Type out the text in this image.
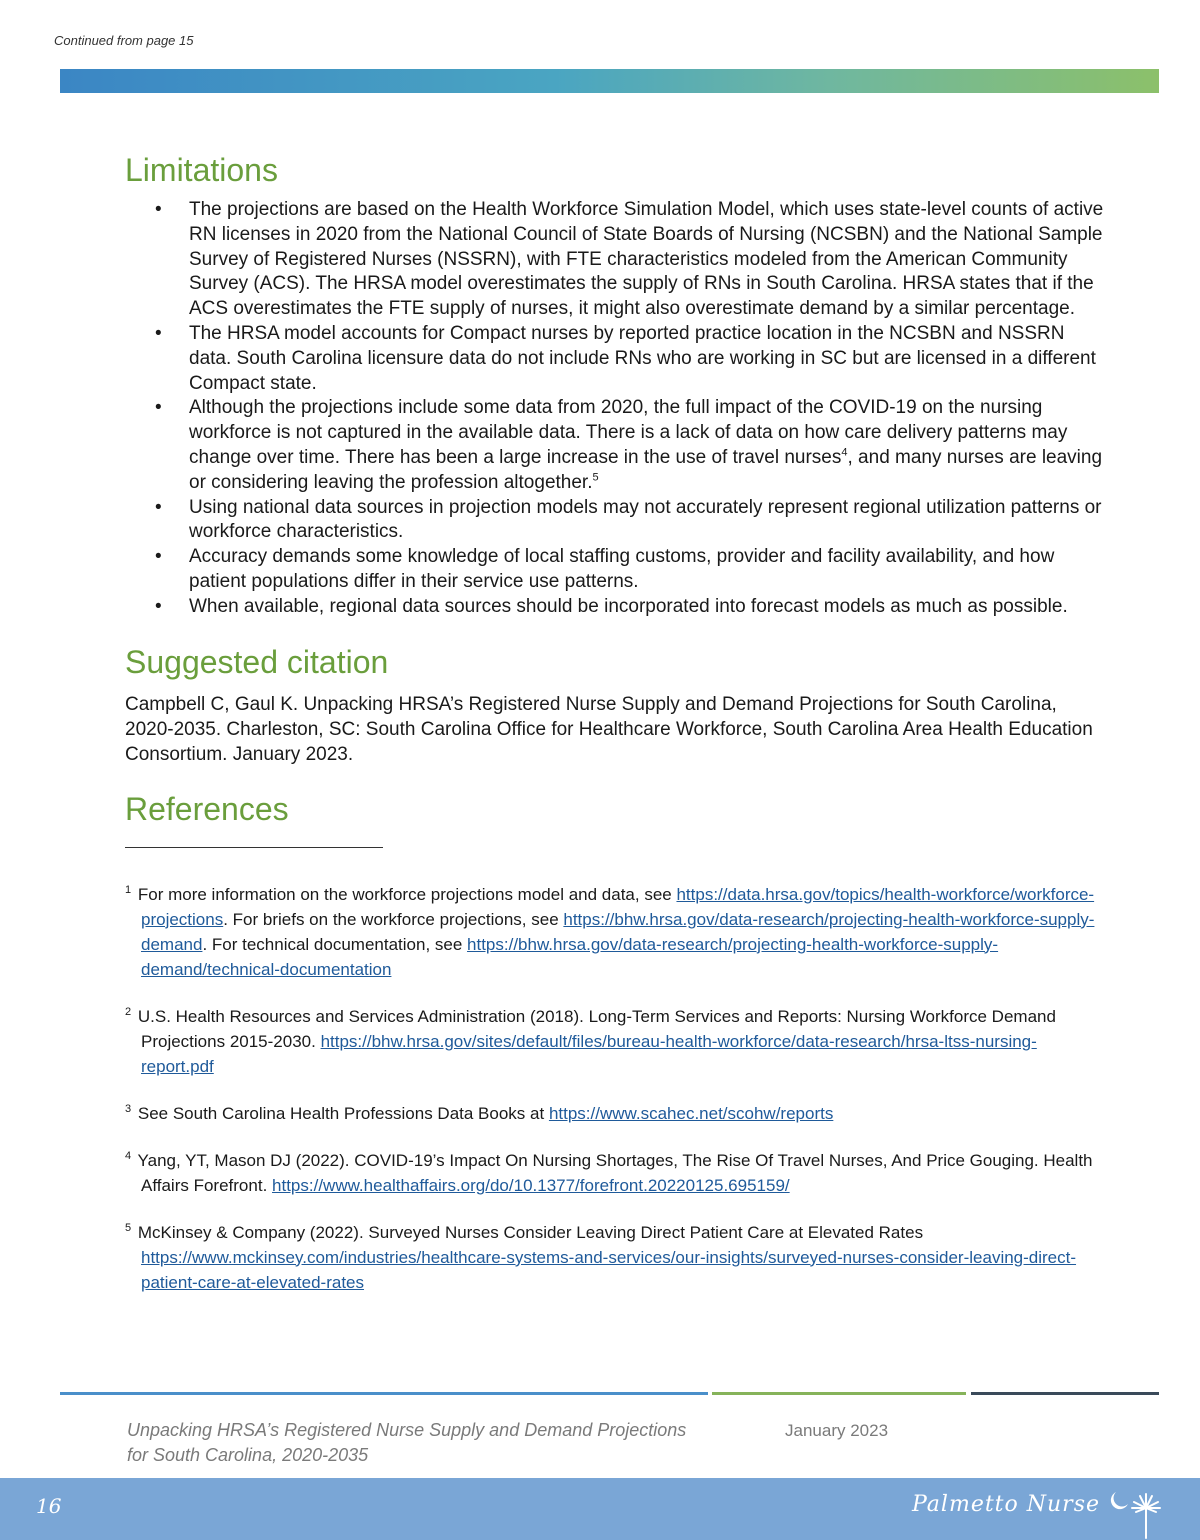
Continued from page 15
Limitations
• The projections are based on the Health Workforce Simulation Model, which uses state-level counts of active RN licenses in 2020 from the National Council of State Boards of Nursing (NCSBN) and the National Sample Survey of Registered Nurses (NSSRN), with FTE characteristics modeled from the American Community Survey (ACS). The HRSA model overestimates the supply of RNs in South Carolina. HRSA states that if the ACS overestimates the FTE supply of nurses, it might also overestimate demand by a similar percentage.
• The HRSA model accounts for Compact nurses by reported practice location in the NCSBN and NSSRN data. South Carolina licensure data do not include RNs who are working in SC but are licensed in a different Compact state.
• Although the projections include some data from 2020, the full impact of the COVID-19 on the nursing workforce is not captured in the available data. There is a lack of data on how care delivery patterns may change over time. There has been a large increase in the use of travel nurses$^4$, and many nurses are leaving or considering leaving the profession altogether.$^5$
• Using national data sources in projection models may not accurately represent regional utilization patterns or workforce characteristics.
• Accuracy demands some knowledge of local staffing customs, provider and facility availability, and how patient populations differ in their service use patterns.
• When available, regional data sources should be incorporated into forecast models as much as possible.
Suggested citation

Campbell C, Gaul K. Unpacking HRSA’s Registered Nurse Supply and Demand Projections for South Carolina, 2020-2035. Charleston, SC: South Carolina Office for Healthcare Workforce, South Carolina Area Health Education Consortium. January 2023.

References

$^1$ For more information on the workforce projections model and data, see https://data.hrsa.gov/topics/health-workforce/workforce-projections. For briefs on the workforce projections, see https://bhw.hrsa.gov/data-research/projecting-health-workforce-supply-demand. For technical documentation, see https://bhw.hrsa.gov/data-research/projecting-health-workforce-supply-demand/technical-documentation

$^2$ U.S. Health Resources and Services Administration (2018). Long-Term Services and Reports: Nursing Workforce Demand Projections 2015-2030. https://bhw.hrsa.gov/sites/default/files/bureau-health-workforce/data-research/hrsa-ltss-nursing-report.pdf

$^3$ See South Carolina Health Professions Data Books at https://www.scahec.net/scohw/reports

$^4$ Yang, YT, Mason DJ (2022). COVID-19’s Impact On Nursing Shortages, The Rise Of Travel Nurses, And Price Gouging. Health Affairs Forefront. https://www.healthaffairs.org/do/10.1377/forefront.20220125.695159/

$^5$ McKinsey & Company (2022). Surveyed Nurses Consider Leaving Direct Patient Care at Elevated Rates https://www.mckinsey.com/industries/healthcare-systems-and-services/our-insights/surveyed-nurses-consider-leaving-direct-patient-care-at-elevated-rates

Unpacking HRSA’s Registered Nurse Supply and Demand Projections for South Carolina, 2020-2035
January 2023
16	Palmetto Nurse
